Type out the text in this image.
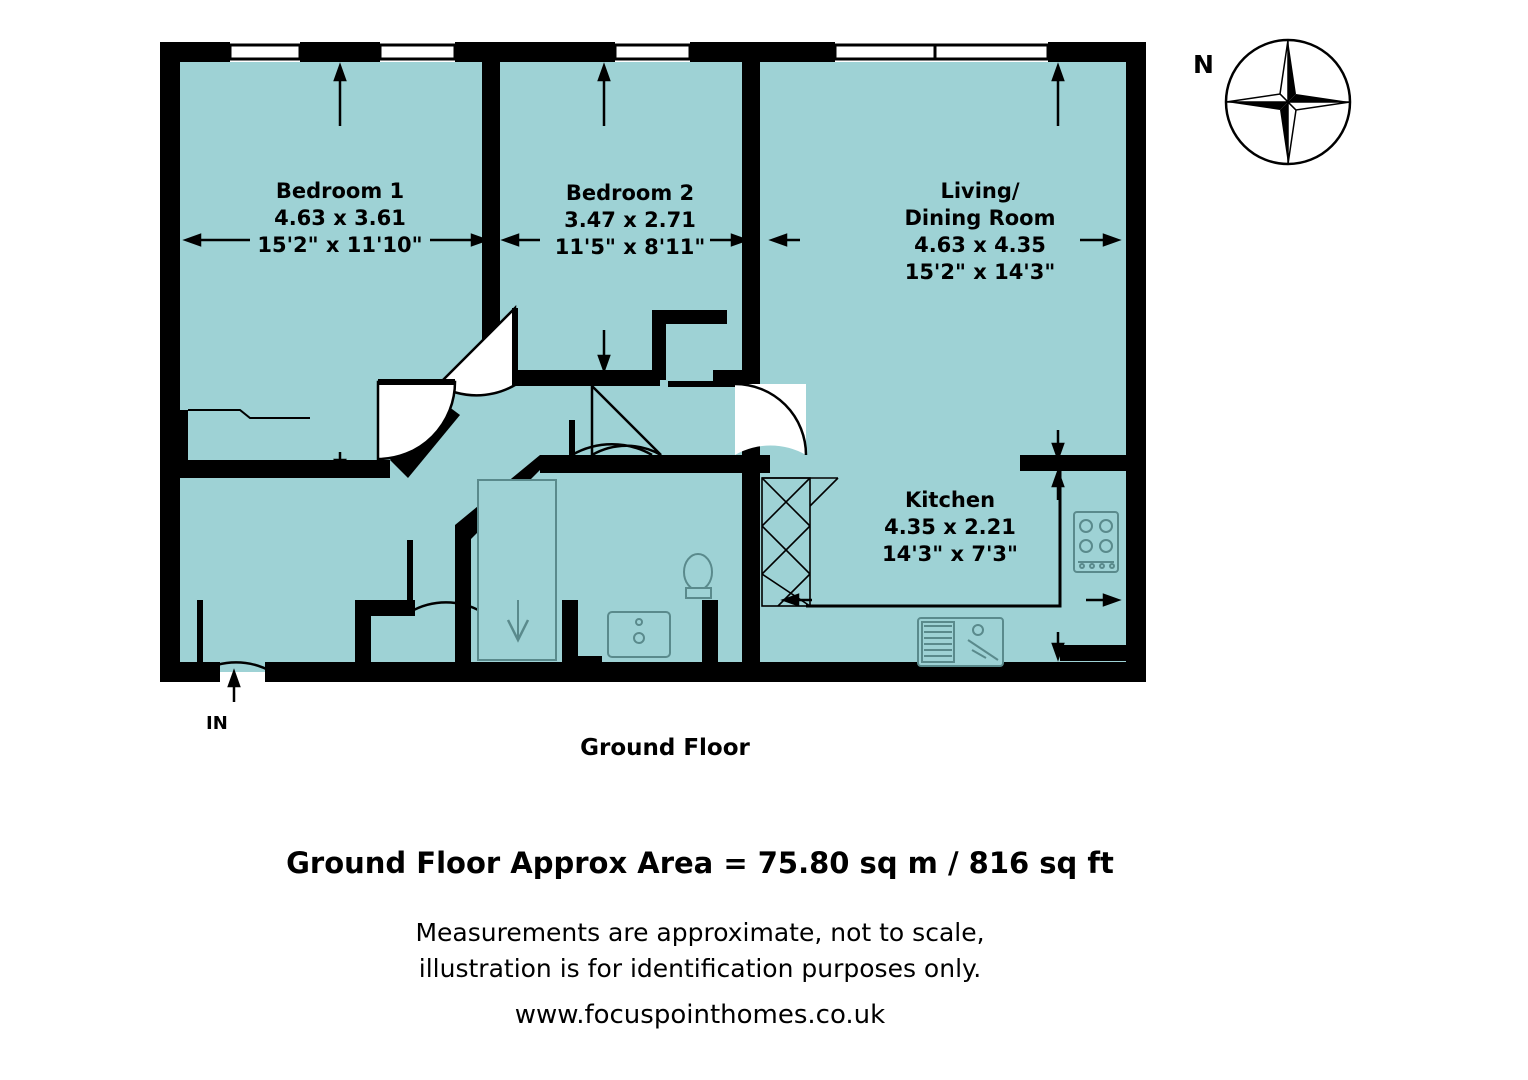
N
Bedroom 1
4.63 x 3.61
15'2" x 11'10"
Bedroom 2
3.47 x 2.71
11'5" x 8'11"
Living/
Dining Room
4.63 x 4.35
15'2" x 14'3"
Kitchen
4.35 x 2.21
14'3" x 7'3"
IN
Ground Floor
Ground Floor Approx Area = 75.80 sq m / 816 sq ft
Measurements are approximate, not to scale,
illustration is for identification purposes only.
www.focuspointhomes.co.uk
